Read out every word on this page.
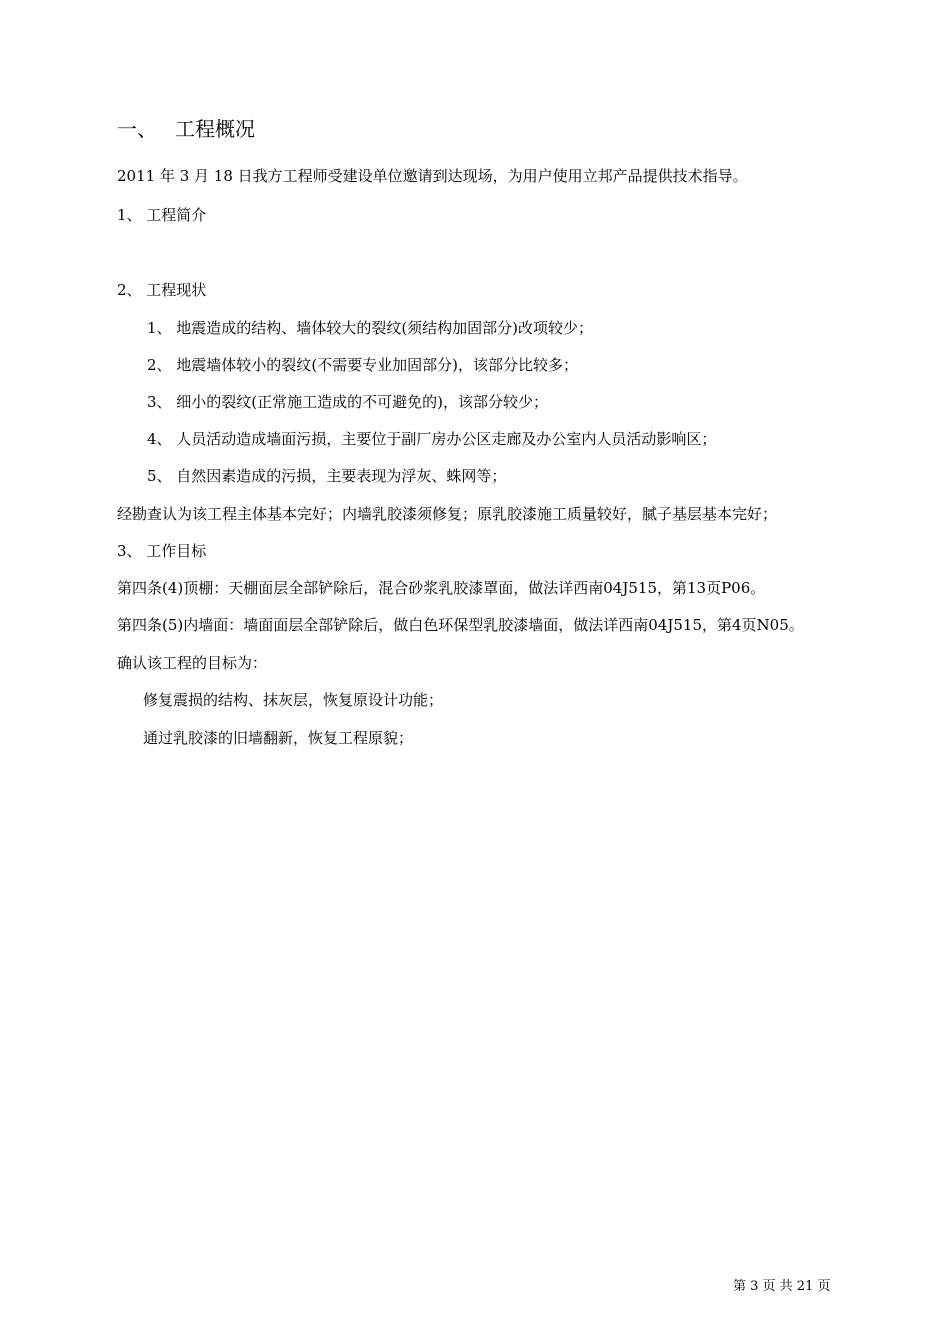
一、 工程概况
2011 年 3 月 18 日我方工程师受建设单位邀请到达现场，为用户使用立邦产品提供技术指导。
1、 工程简介
2、 工程现状
1、 地震造成的结构、墙体较大的裂纹(须结构加固部分)改项较少；
2、 地震墙体较小的裂纹(不需要专业加固部分)，该部分比较多；
3、 细小的裂纹(正常施工造成的不可避免的)，该部分较少；
4、 人员活动造成墙面污损，主要位于副厂房办公区走廊及办公室内人员活动影响区；
5、 自然因素造成的污损，主要表现为浮灰、蛛网等；
经勘查认为该工程主体基本完好；内墙乳胶漆须修复；原乳胶漆施工质量较好，腻子基层基本完好；
3、 工作目标
第四条(4)顶棚：天棚面层全部铲除后，混合砂浆乳胶漆罩面，做法详西南04J515，第13页P06。
第四条(5)内墙面：墙面面层全部铲除后，做白色环保型乳胶漆墙面，做法详西南04J515，第4页N05。
确认该工程的目标为：
修复震损的结构、抹灰层，恢复原设计功能；
通过乳胶漆的旧墙翻新，恢复工程原貌；
第 3 页 共 21 页
